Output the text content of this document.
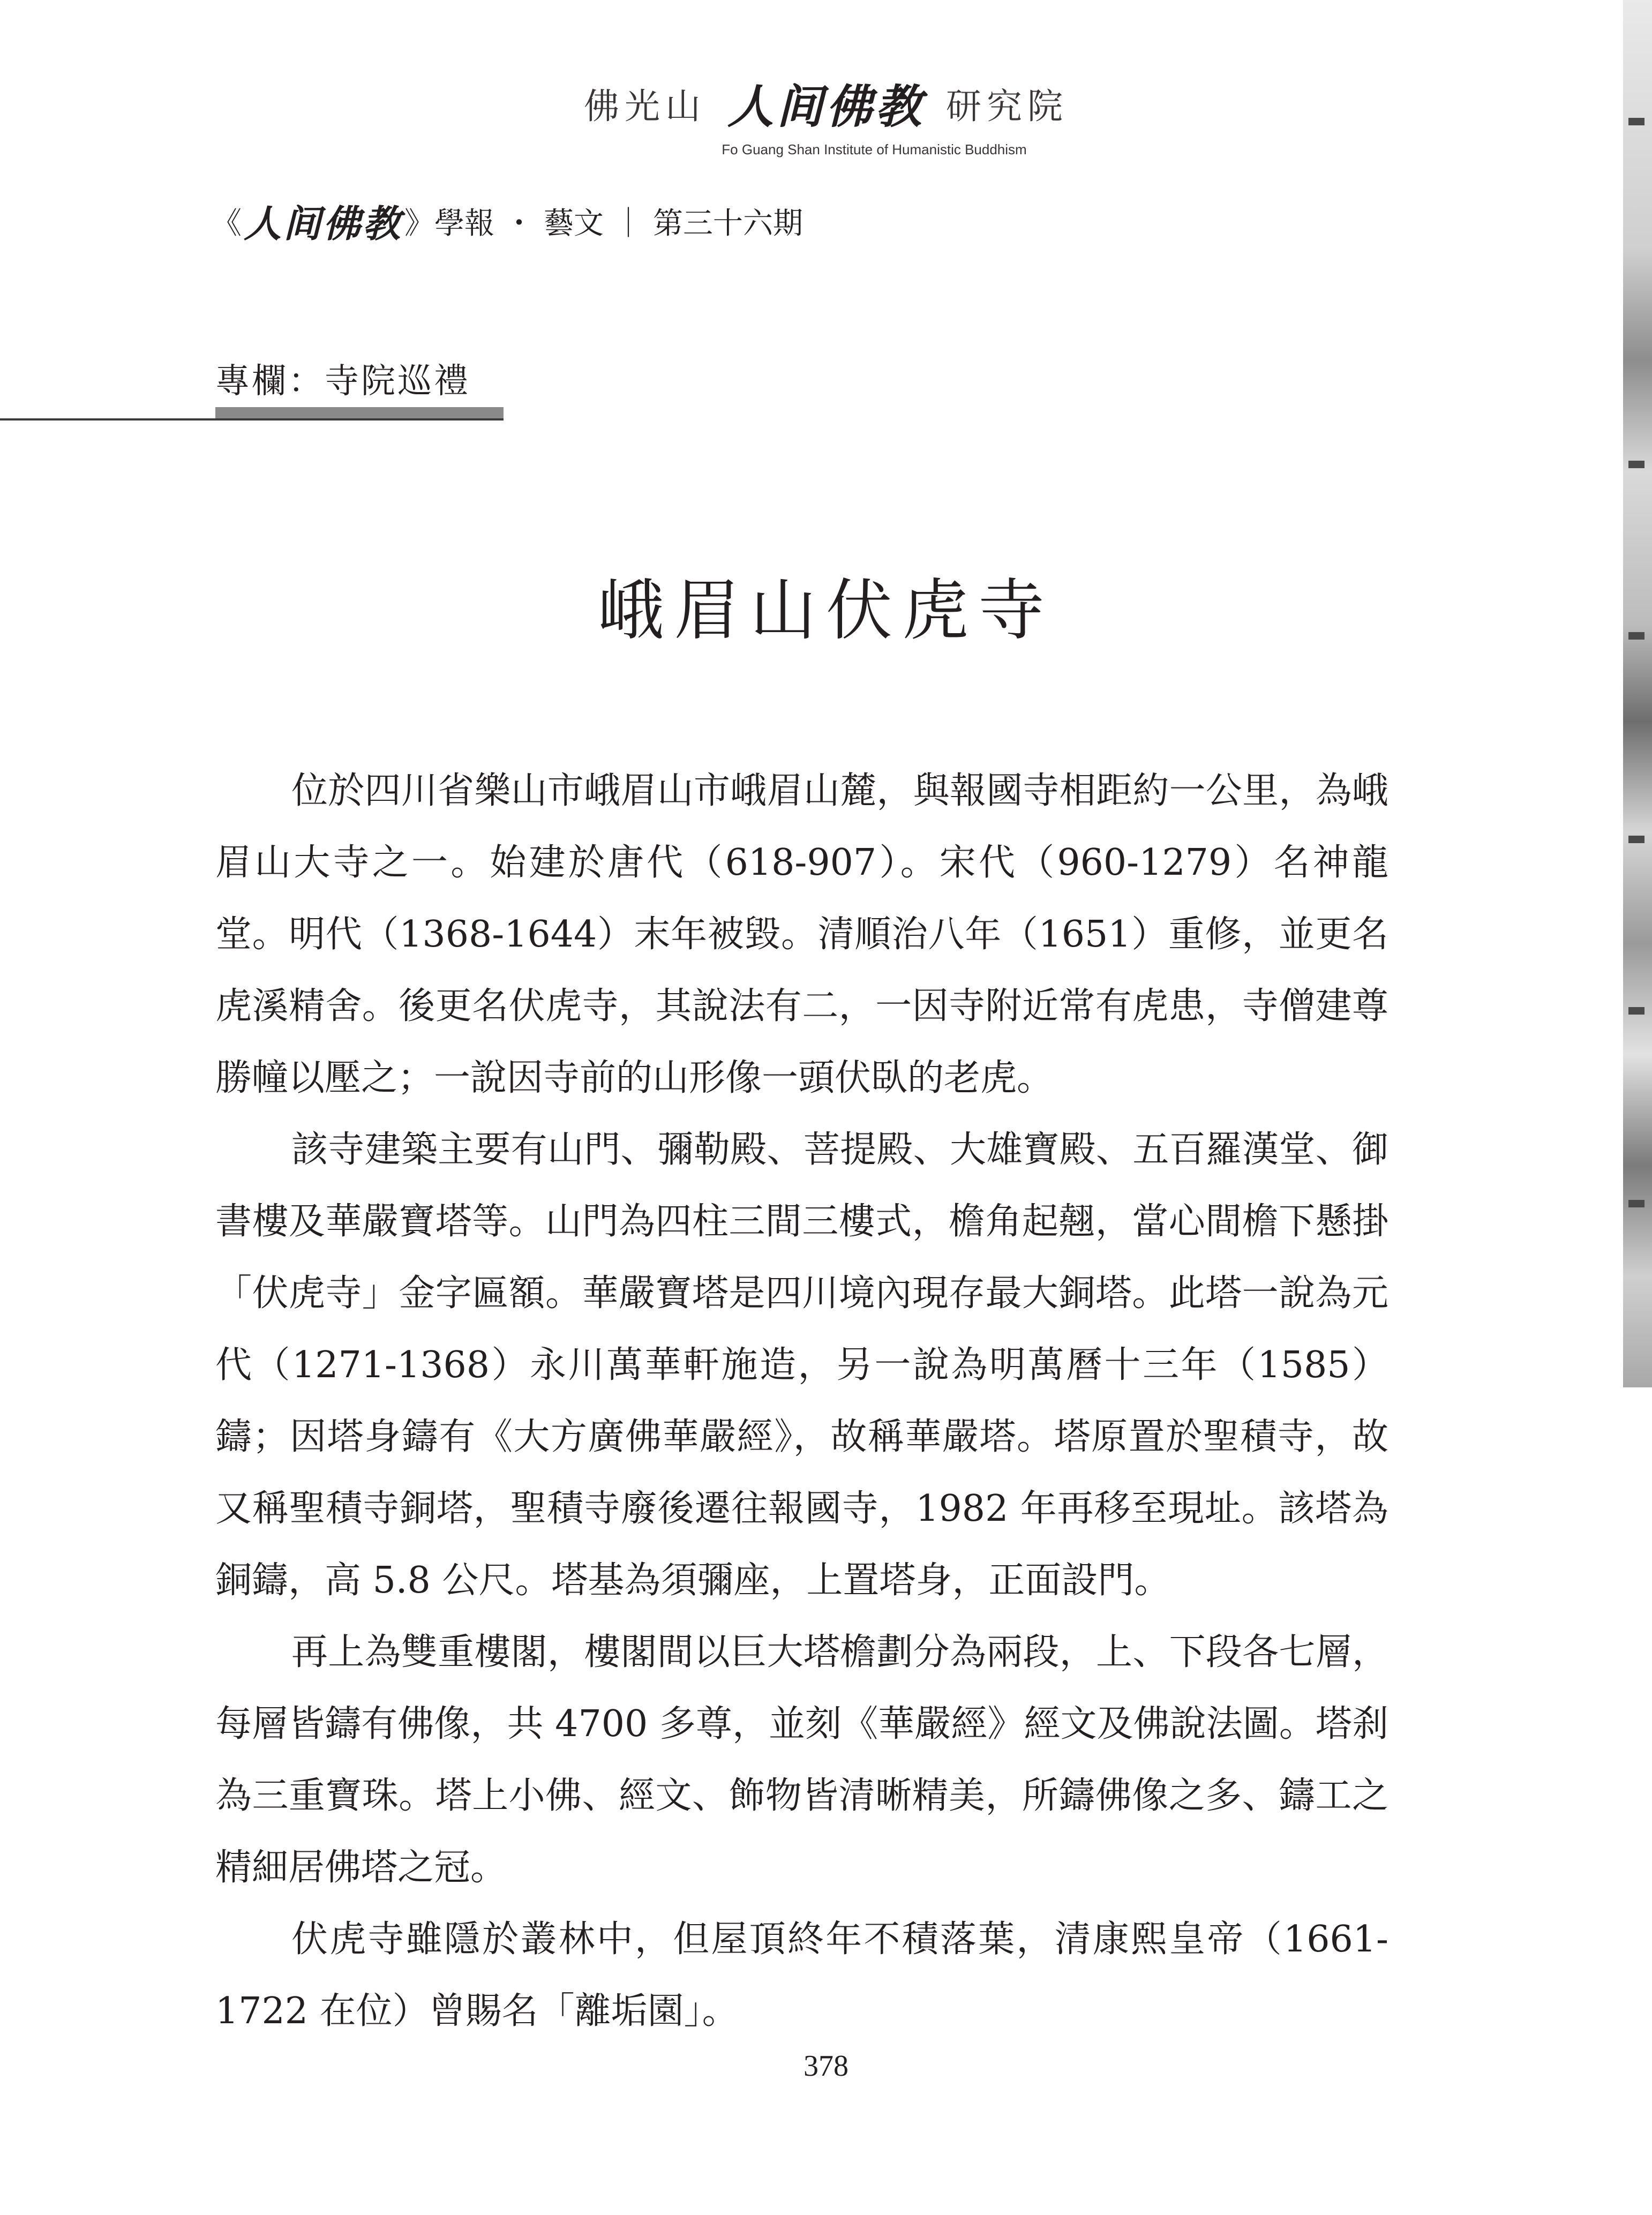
佛光山 人间佛教 研究院
Fo Guang Shan Institute of Humanistic Buddhism
《 人间佛教 》學報 ・ 藝文 ｜ 第三十六期
專欄：寺院巡禮
峨眉山伏虎寺

位於四川省樂山市峨眉山市峨眉山麓，與報國寺相距約一公里，為峨眉山大寺之一。始建於唐代（618-907）。宋代（960-1279）名神龍堂。明代（1368-1644）末年被毀。清順治八年（1651）重修，並更名虎溪精舍。後更名伏虎寺，其說法有二，一因寺附近常有虎患，寺僧建尊勝幢以壓之；一說因寺前的山形像一頭伏臥的老虎。

該寺建築主要有山門、彌勒殿、菩提殿、大雄寶殿、五百羅漢堂、御書樓及華嚴寶塔等。山門為四柱三間三樓式，檐角起翹，當心間檐下懸掛「伏虎寺」金字匾額。華嚴寶塔是四川境內現存最大銅塔。此塔一說為元代（1271-1368）永川萬華軒施造，另一說為明萬曆十三年（1585）鑄；因塔身鑄有《大方廣佛華嚴經》，故稱華嚴塔。塔原置於聖積寺，故又稱聖積寺銅塔，聖積寺廢後遷往報國寺，1982 年再移至現址。該塔為銅鑄，高 5.8 公尺。塔基為須彌座，上置塔身，正面設門。

再上為雙重樓閣，樓閣間以巨大塔檐劃分為兩段，上、下段各七層，每層皆鑄有佛像，共 4700 多尊，並刻《華嚴經》經文及佛說法圖。塔刹為三重寶珠。塔上小佛、經文、飾物皆清晰精美，所鑄佛像之多、鑄工之精細居佛塔之冠。

伏虎寺雖隱於叢林中，但屋頂終年不積落葉，清康熙皇帝（1661-1722 在位）曾賜名「離垢園」。

378
